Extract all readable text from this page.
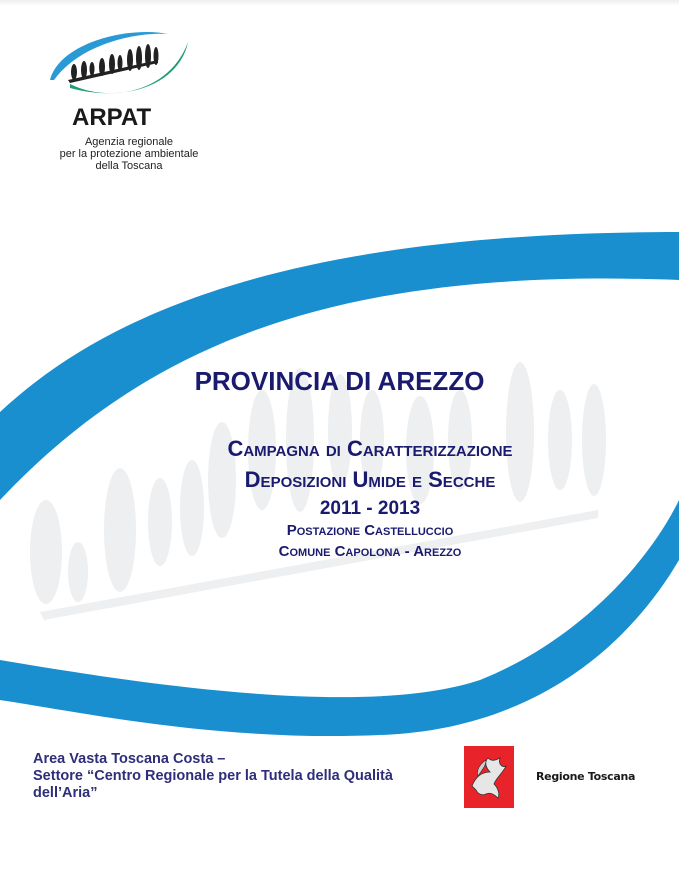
ARPAT
Agenzia regionale
per la protezione ambientale
della Toscana
PROVINCIA DI AREZZO
Campagna di Caratterizzazione
Deposizioni Umide e Secche
2011 - 2013
Postazione Castelluccio
Comune Capolona - Arezzo
Area Vasta Toscana Costa –
Settore “Centro Regionale per la Tutela della Qualità
dell’Aria”
Regione Toscana
